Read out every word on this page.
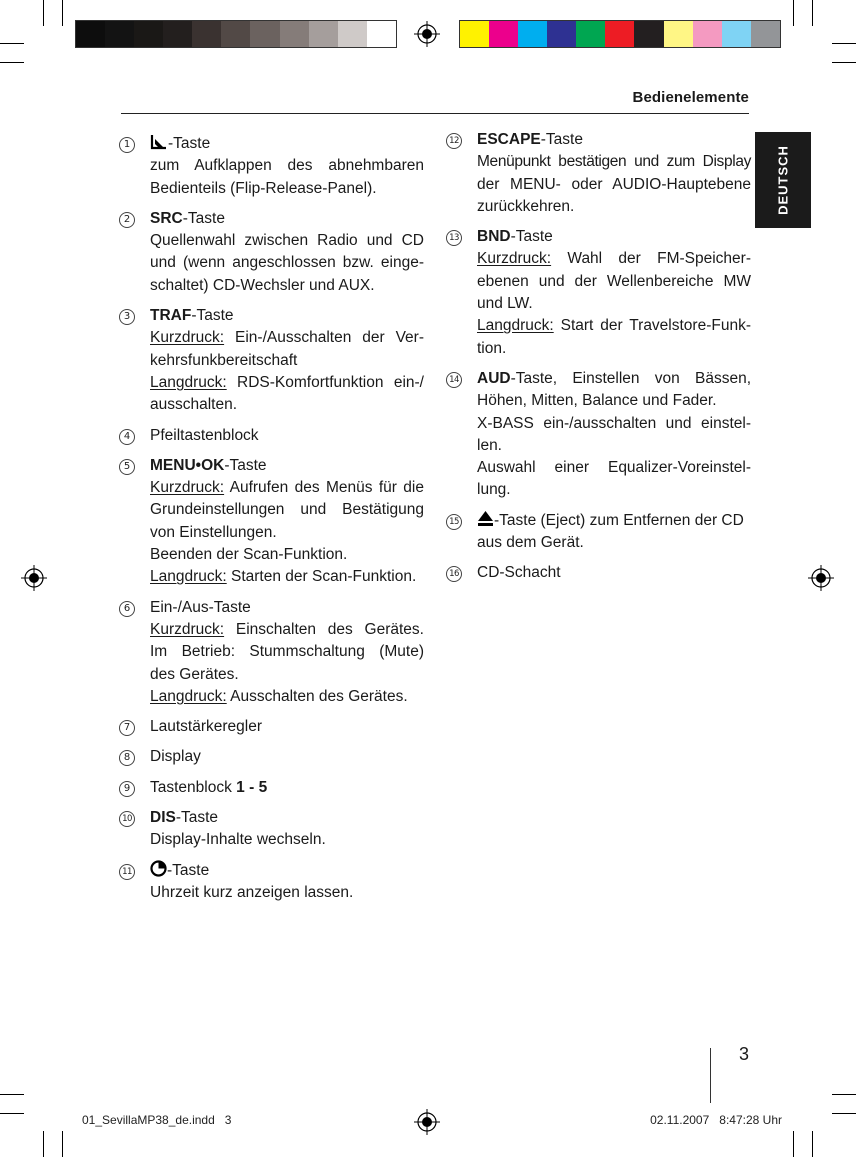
Bedienelemente
DEUTSCH
1	-Taste
zum Aufklappen des abnehmbaren
Bedienteils (Flip-Release-Panel).
2	SRC-Taste
Quellenwahl zwischen Radio und CD
und (wenn angeschlossen bzw. einge-
schaltet) CD-Wechsler und AUX.
3	TRAF-Taste
Kurzdruck: Ein-/Ausschalten der Ver-
kehrsfunkbereitschaft
Langdruck: RDS-Komfortfunktion ein-/
ausschalten.
4	Pfeiltastenblock
5	MENU•OK-Taste
Kurzdruck: Aufrufen des Menüs für die
Grundeinstellungen und Bestätigung
von Einstellungen.
Beenden der Scan-Funktion.
Langdruck: Starten der Scan-Funktion.
6	Ein-/Aus-Taste
Kurzdruck: Einschalten des Gerätes.
Im Betrieb: Stummschaltung (Mute)
des Gerätes.
Langdruck: Ausschalten des Gerätes.
7	Lautstärkeregler
8	Display
9	Tastenblock 1 - 5
10 DIS-Taste
Display-Inhalte wechseln.
11	-Taste
Uhrzeit kurz anzeigen lassen.
12 ESCAPE-Taste
Menüpunkt bestätigen und zum Display
der MENU- oder AUDIO-Hauptebene
zurückkehren.
13 BND-Taste
Kurzdruck: Wahl der FM-Speicher-
ebenen und der Wellenbereiche MW
und LW.
Langdruck: Start der Travelstore-Funk-
tion.
14 AUD-Taste, Einstellen von Bässen,
Höhen, Mitten, Balance und Fader.
X-BASS ein-/ausschalten und einstel-
len.
Auswahl einer Equalizer-Voreinstel-
lung.
15	-Taste (Eject) zum Entfernen der CD
aus dem Gerät.
16 CD-Schacht
3
01_SevillaMP38_de.indd   3	02.11.2007   8:47:28 Uhr
